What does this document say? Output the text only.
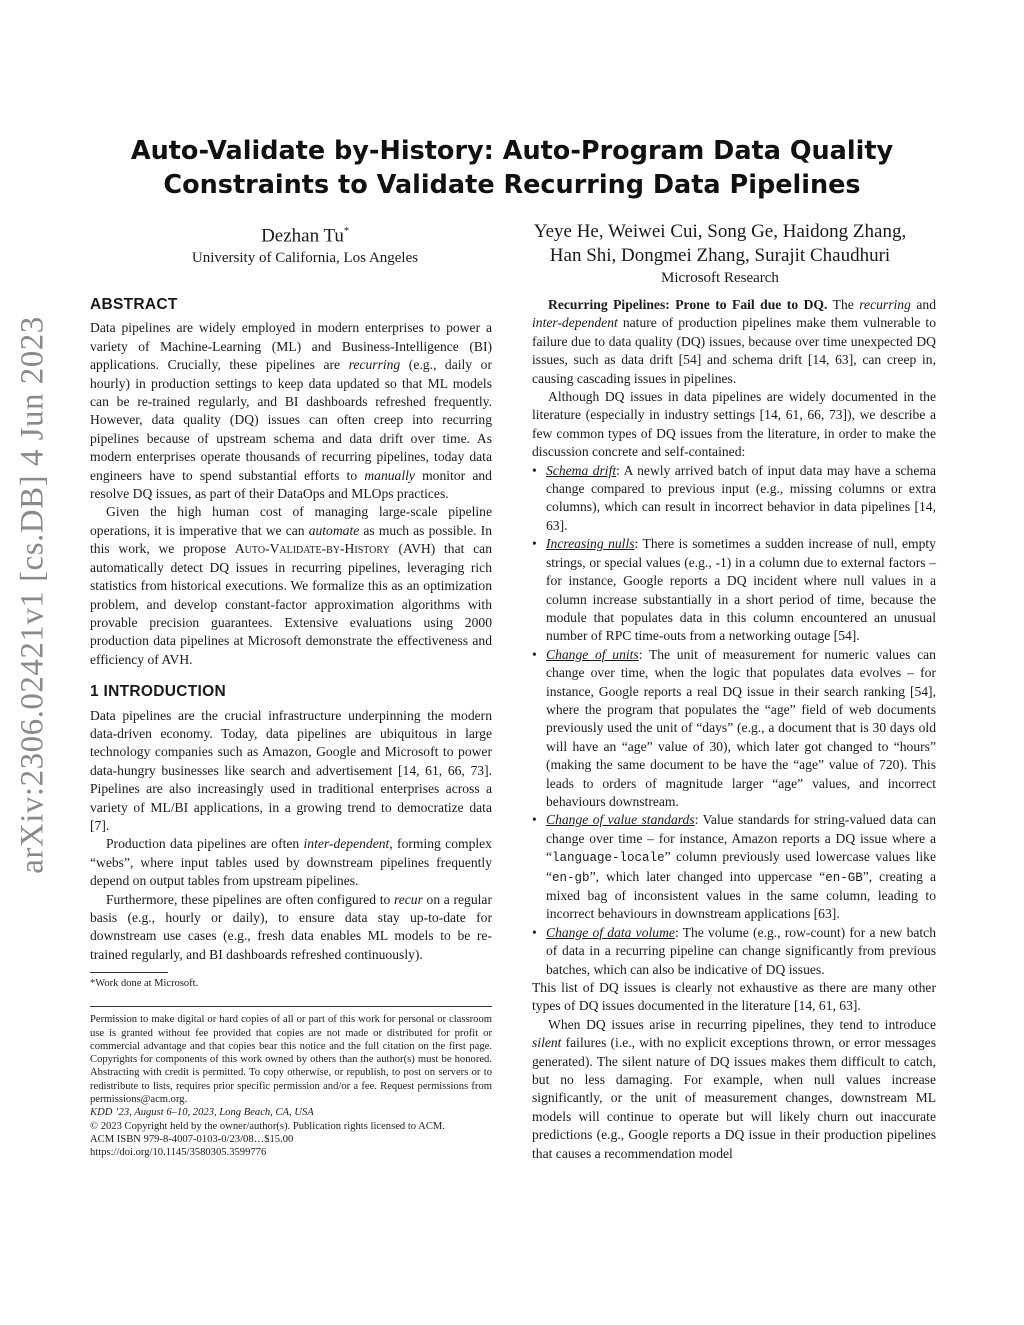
arXiv:2306.02421v1 [cs.DB] 4 Jun 2023
Auto-Validate by-History: Auto-Program Data Quality Constraints to Validate Recurring Data Pipelines
Dezhan Tu*
University of California, Los Angeles
Yeye He, Weiwei Cui, Song Ge, Haidong Zhang,
Han Shi, Dongmei Zhang, Surajit Chaudhuri
Microsoft Research
ABSTRACT

Data pipelines are widely employed in modern enterprises to power a variety of Machine-Learning (ML) and Business-Intelligence (BI) applications. Crucially, these pipelines are recurring (e.g., daily or hourly) in production settings to keep data updated so that ML models can be re-trained regularly, and BI dashboards refreshed frequently. However, data quality (DQ) issues can often creep into recurring pipelines because of upstream schema and data drift over time. As modern enterprises operate thousands of recurring pipelines, today data engineers have to spend substantial efforts to manually monitor and resolve DQ issues, as part of their DataOps and MLOps practices.

Given the high human cost of managing large-scale pipeline operations, it is imperative that we can automate as much as possible. In this work, we propose Auto-Validate-by-History (AVH) that can automatically detect DQ issues in recurring pipelines, leveraging rich statistics from historical executions. We formalize this as an optimization problem, and develop constant-factor approximation algorithms with provable precision guarantees. Extensive evaluations using 2000 production data pipelines at Microsoft demonstrate the effectiveness and efficiency of AVH.

1 INTRODUCTION

Data pipelines are the crucial infrastructure underpinning the modern data-driven economy. Today, data pipelines are ubiquitous in large technology companies such as Amazon, Google and Microsoft to power data-hungry businesses like search and advertisement [14, 61, 66, 73]. Pipelines are also increasingly used in traditional enterprises across a variety of ML/BI applications, in a growing trend to democratize data [7].

Production data pipelines are often inter-dependent, forming complex “webs”, where input tables used by downstream pipelines frequently depend on output tables from upstream pipelines.

Furthermore, these pipelines are often configured to recur on a regular basis (e.g., hourly or daily), to ensure data stay up-to-date for downstream use cases (e.g., fresh data enables ML models to be re-trained regularly, and BI dashboards refreshed continuously).

*Work done at Microsoft.
Permission to make digital or hard copies of all or part of this work for personal or classroom use is granted without fee provided that copies are not made or distributed for profit or commercial advantage and that copies bear this notice and the full citation on the first page. Copyrights for components of this work owned by others than the author(s) must be honored. Abstracting with credit is permitted. To copy otherwise, or republish, to post on servers or to redistribute to lists, requires prior specific permission and/or a fee. Request permissions from permissions@acm.org.
KDD ’23, August 6–10, 2023, Long Beach, CA, USA
© 2023 Copyright held by the owner/author(s). Publication rights licensed to ACM.
ACM ISBN 979-8-4007-0103-0/23/08…$15.00
https://doi.org/10.1145/3580305.3599776

Recurring Pipelines: Prone to Fail due to DQ. The recurring and inter-dependent nature of production pipelines make them vulnerable to failure due to data quality (DQ) issues, because over time unexpected DQ issues, such as data drift [54] and schema drift [14, 63], can creep in, causing cascading issues in pipelines.

Although DQ issues in data pipelines are widely documented in the literature (especially in industry settings [14, 61, 66, 73]), we describe a few common types of DQ issues from the literature, in order to make the discussion concrete and self-contained:

• Schema drift: A newly arrived batch of input data may have a schema change compared to previous input (e.g., missing columns or extra columns), which can result in incorrect behavior in data pipelines [14, 63].
• Increasing nulls: There is sometimes a sudden increase of null, empty strings, or special values (e.g., -1) in a column due to external factors – for instance, Google reports a DQ incident where null values in a column increase substantially in a short period of time, because the module that populates data in this column encountered an unusual number of RPC time-outs from a networking outage [54].
• Change of units: The unit of measurement for numeric values can change over time, when the logic that populates data evolves – for instance, Google reports a real DQ issue in their search ranking [54], where the program that populates the “age” field of web documents previously used the unit of “days” (e.g., a document that is 30 days old will have an “age” value of 30), which later got changed to “hours” (making the same document to be have the “age” value of 720). This leads to orders of magnitude larger “age” values, and incorrect behaviours downstream.
• Change of value standards: Value standards for string-valued data can change over time – for instance, Amazon reports a DQ issue where a “language-locale” column previously used lowercase values like “en-gb”, which later changed into uppercase “en-GB”, creating a mixed bag of inconsistent values in the same column, leading to incorrect behaviours in downstream applications [63].
• Change of data volume: The volume (e.g., row-count) for a new batch of data in a recurring pipeline can change significantly from previous batches, which can also be indicative of DQ issues.

This list of DQ issues is clearly not exhaustive as there are many other types of DQ issues documented in the literature [14, 61, 63].

When DQ issues arise in recurring pipelines, they tend to introduce silent failures (i.e., with no explicit exceptions thrown, or error messages generated). The silent nature of DQ issues makes them difficult to catch, but no less damaging. For example, when null values increase significantly, or the unit of measurement changes, downstream ML models will continue to operate but will likely churn out inaccurate predictions (e.g., Google reports a DQ issue in their production pipelines that causes a recommendation model
